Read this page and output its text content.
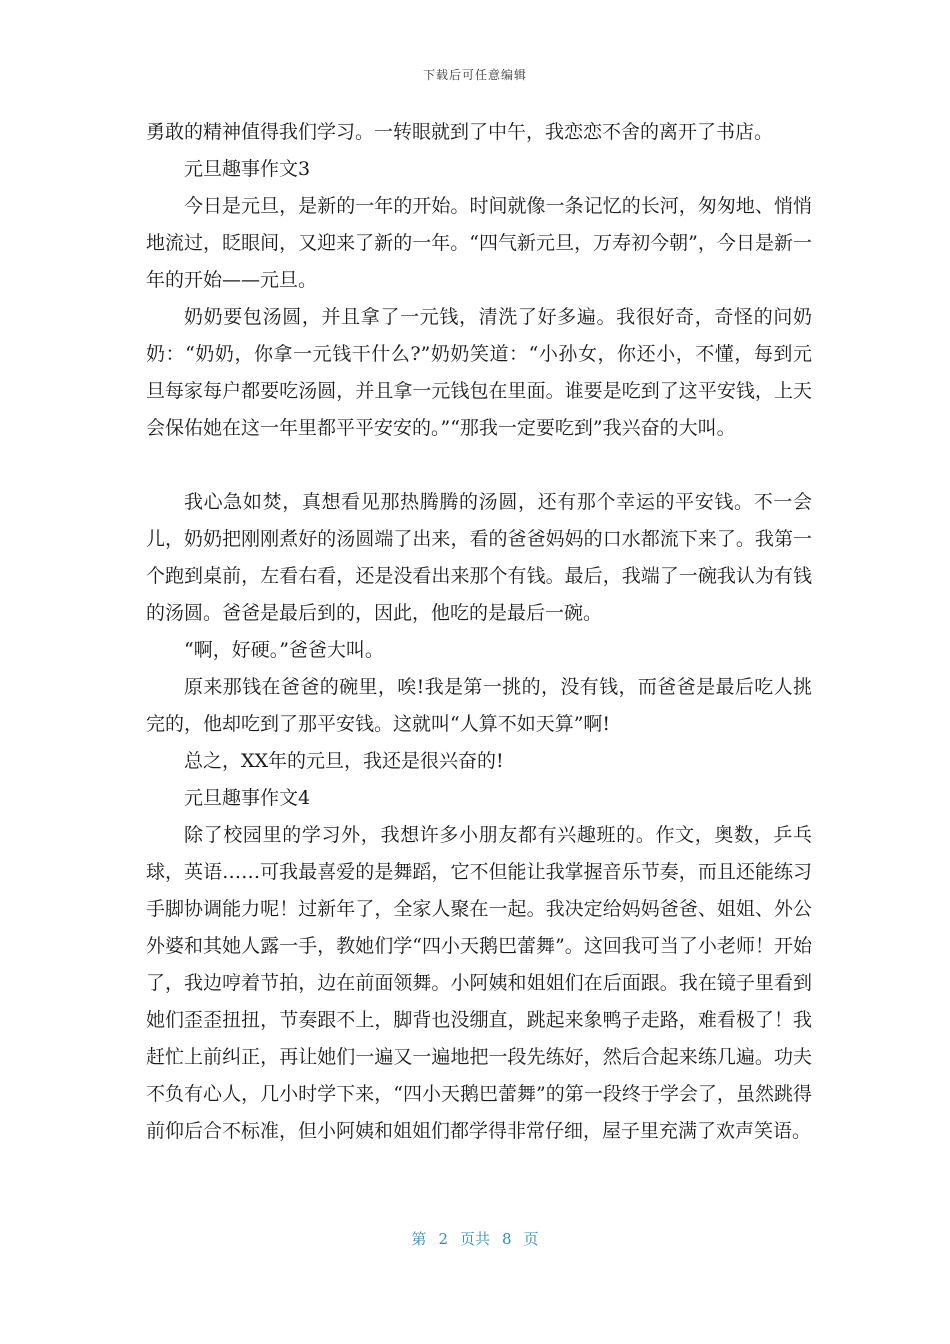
下载后可任意编辑

勇敢的精神值得我们学习。一转眼就到了中午，我恋恋不舍的离开了书店。

元旦趣事作文3

今日是元旦，是新的一年的开始。时间就像一条记忆的长河，匆匆地、悄悄地流过，眨眼间，又迎来了新的一年。“四气新元旦，万寿初今朝”，今日是新一年的开始——元旦。

奶奶要包汤圆，并且拿了一元钱，清洗了好多遍。我很好奇，奇怪的问奶奶：“奶奶，你拿一元钱干什么?”奶奶笑道：“小孙女，你还小，不懂，每到元旦每家每户都要吃汤圆，并且拿一元钱包在里面。谁要是吃到了这平安钱，上天会保佑她在这一年里都平平安安的。”“那我一定要吃到”我兴奋的大叫。

我心急如焚，真想看见那热腾腾的汤圆，还有那个幸运的平安钱。不一会儿，奶奶把刚刚煮好的汤圆端了出来，看的爸爸妈妈的口水都流下来了。我第一个跑到桌前，左看右看，还是没看出来那个有钱。最后，我端了一碗我认为有钱的汤圆。爸爸是最后到的，因此，他吃的是最后一碗。

“啊，好硬。”爸爸大叫。

原来那钱在爸爸的碗里，唉!我是第一挑的，没有钱，而爸爸是最后吃人挑完的，他却吃到了那平安钱。这就叫“人算不如天算”啊!

总之，XX年的元旦，我还是很兴奋的!

元旦趣事作文4

除了校园里的学习外，我想许多小朋友都有兴趣班的。作文，奥数，乒乓球，英语……可我最喜爱的是舞蹈，它不但能让我掌握音乐节奏，而且还能练习手脚协调能力呢！过新年了，全家人聚在一起。我决定给妈妈爸爸、姐姐、外公外婆和其她人露一手，教她们学“四小天鹅巴蕾舞”。这回我可当了小老师！开始了，我边哼着节拍，边在前面领舞。小阿姨和姐姐们在后面跟。我在镜子里看到她们歪歪扭扭，节奏跟不上，脚背也没绷直，跳起来象鸭子走路，难看极了！我赶忙上前纠正，再让她们一遍又一遍地把一段先练好，然后合起来练几遍。功夫不负有心人，几小时学下来，“四小天鹅巴蕾舞”的第一段终于学会了，虽然跳得前仰后合不标准，但小阿姨和姐姐们都学得非常仔细，屋子里充满了欢声笑语。

第 2 页共 8 页
